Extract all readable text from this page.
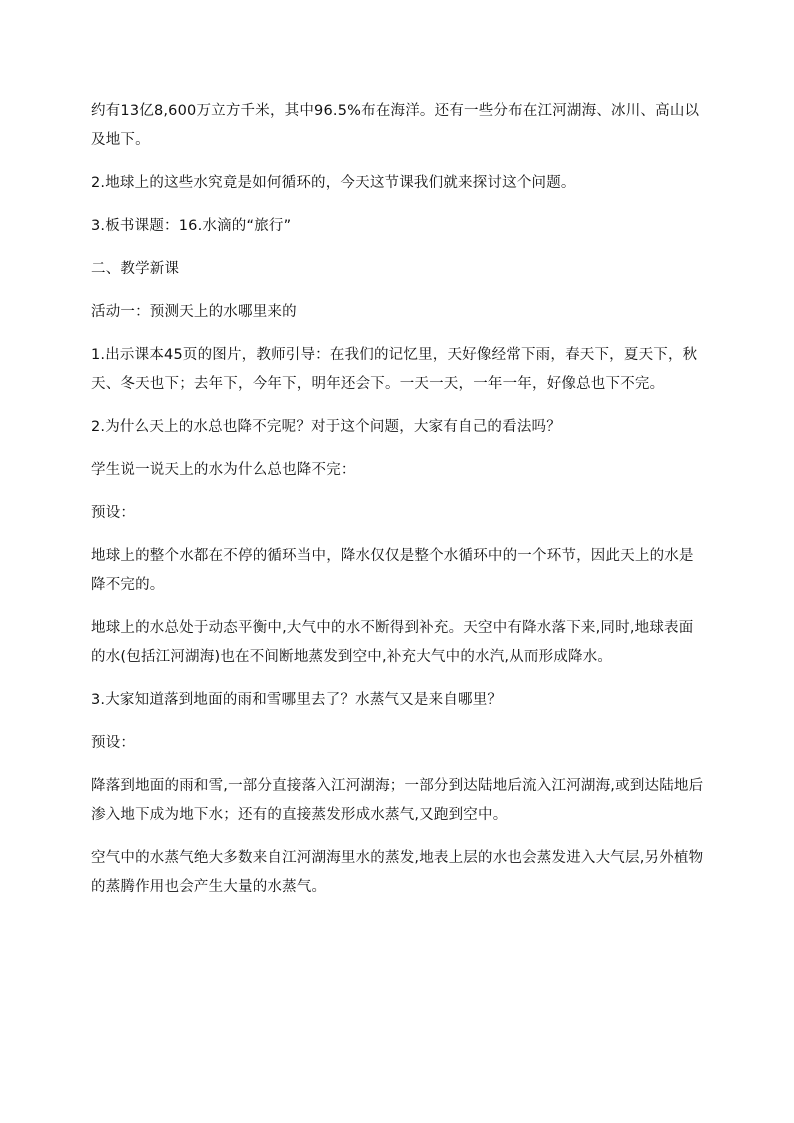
约有13亿8,600万立方千米，其中96.5%布在海洋。还有一些分布在江河湖海、冰川、高山以及地下。

2.地球上的这些水究竟是如何循环的，今天这节课我们就来探讨这个问题。

3.板书课题：16.水滴的“旅行”

二、教学新课

活动一：预测天上的水哪里来的

1.出示课本45页的图片，教师引导：在我们的记忆里，天好像经常下雨，春天下，夏天下，秋天、冬天也下；去年下，今年下，明年还会下。一天一天，一年一年，好像总也下不完。

2.为什么天上的水总也降不完呢？对于这个问题，大家有自己的看法吗？

学生说一说天上的水为什么总也降不完：

预设：

地球上的整个水都在不停的循环当中，降水仅仅是整个水循环中的一个环节，因此天上的水是降不完的。

地球上的水总处于动态平衡中,大气中的水不断得到补充。天空中有降水落下来,同时,地球表面的水(包括江河湖海)也在不间断地蒸发到空中,补充大气中的水汽,从而形成降水。

3.大家知道落到地面的雨和雪哪里去了？水蒸气又是来自哪里？

预设：

降落到地面的雨和雪,一部分直接落入江河湖海；一部分到达陆地后流入江河湖海,或到达陆地后渗入地下成为地下水；还有的直接蒸发形成水蒸气,又跑到空中。

空气中的水蒸气绝大多数来自江河湖海里水的蒸发,地表上层的水也会蒸发进入大气层,另外植物的蒸腾作用也会产生大量的水蒸气。
